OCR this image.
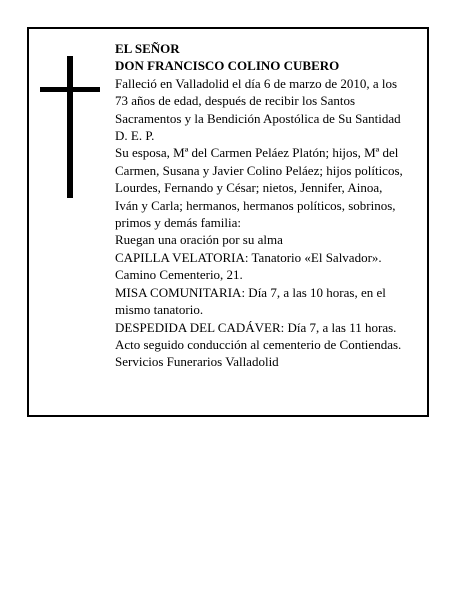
EL SEÑOR

DON FRANCISCO COLINO CUBERO

Falleció en Valladolid el día 6 de marzo de 2010, a los

73 años de edad, después de recibir los Santos

Sacramentos y la Bendición Apostólica de Su Santidad

D. E. P.

Su esposa, Mª del Carmen Peláez Platón; hijos, Mª del

Carmen, Susana y Javier Colino Peláez; hijos políticos,

Lourdes, Fernando y César; nietos, Jennifer, Ainoa,

Iván y Carla; hermanos, hermanos políticos, sobrinos,

primos y demás familia:

Ruegan una oración por su alma

CAPILLA VELATORIA: Tanatorio «El Salvador».

Camino Cementerio, 21.

MISA COMUNITARIA: Día 7, a las 10 horas, en el

mismo tanatorio.

DESPEDIDA DEL CADÁVER: Día 7, a las 11 horas.

Acto seguido conducción al cementerio de Contiendas.

Servicios Funerarios Valladolid
